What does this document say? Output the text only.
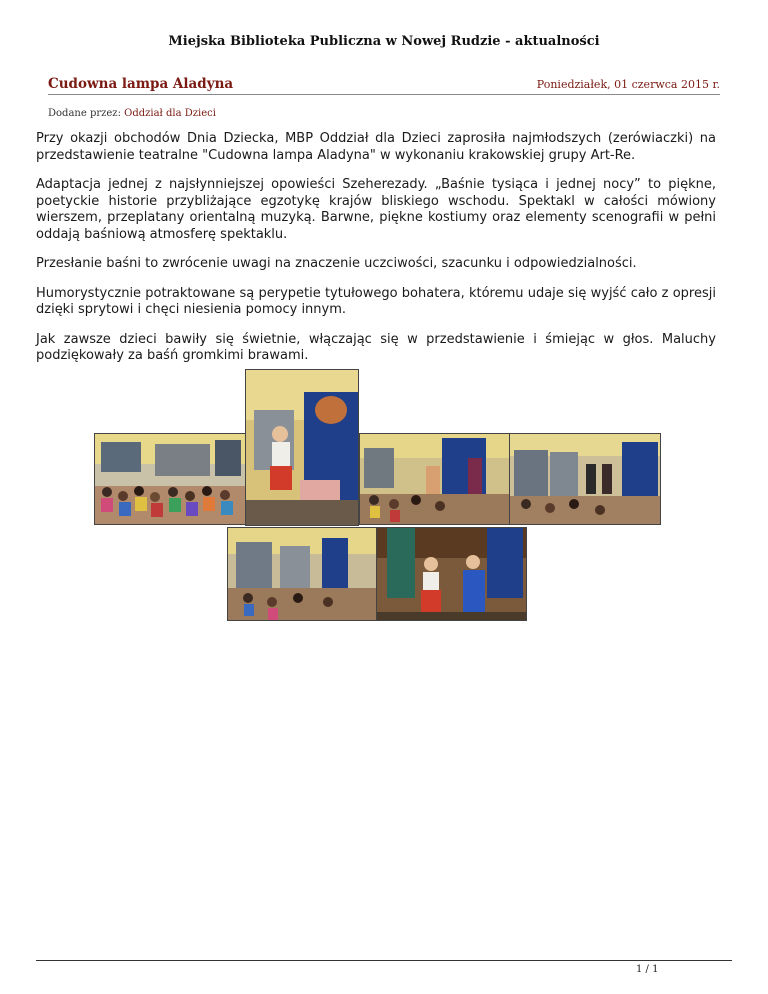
Miejska Biblioteka Publiczna w Nowej Rudzie - aktualności
Cudowna lampa Aladyna	Poniedziałek, 01 czerwca 2015 r.
Dodane przez: Oddział dla Dzieci

Przy okazji obchodów Dnia Dziecka, MBP Oddział dla Dzieci zaprosiła najmłodszych (zerówiaczki) na przedstawienie teatralne "Cudowna lampa Aladyna" w wykonaniu krakowskiej grupy Art-Re.

Adaptacja jednej z najsłynniejszej opowieści Szeherezady. „Baśnie tysiąca i jednej nocy” to piękne, poetyckie historie przybliżające egzotykę krajów bliskiego wschodu. Spektakl w całości mówiony wierszem, przeplatany orientalną muzyką. Barwne, piękne kostiumy oraz elementy scenografii w pełni oddają baśniową atmosferę spektaklu.

Przesłanie baśni to zwrócenie uwagi na znaczenie uczciwości, szacunku i odpowiedzialności.

Humorystycznie potraktowane są perypetie tytułowego bohatera, któremu udaje się wyjść cało z opresji dzięki sprytowi i chęci niesienia pomocy innym.

Jak zawsze dzieci bawiły się świetnie, włączając się w przedstawienie i śmiejąc w głos. Maluchy podziękowały za baśń gromkimi brawami.

1 / 1
